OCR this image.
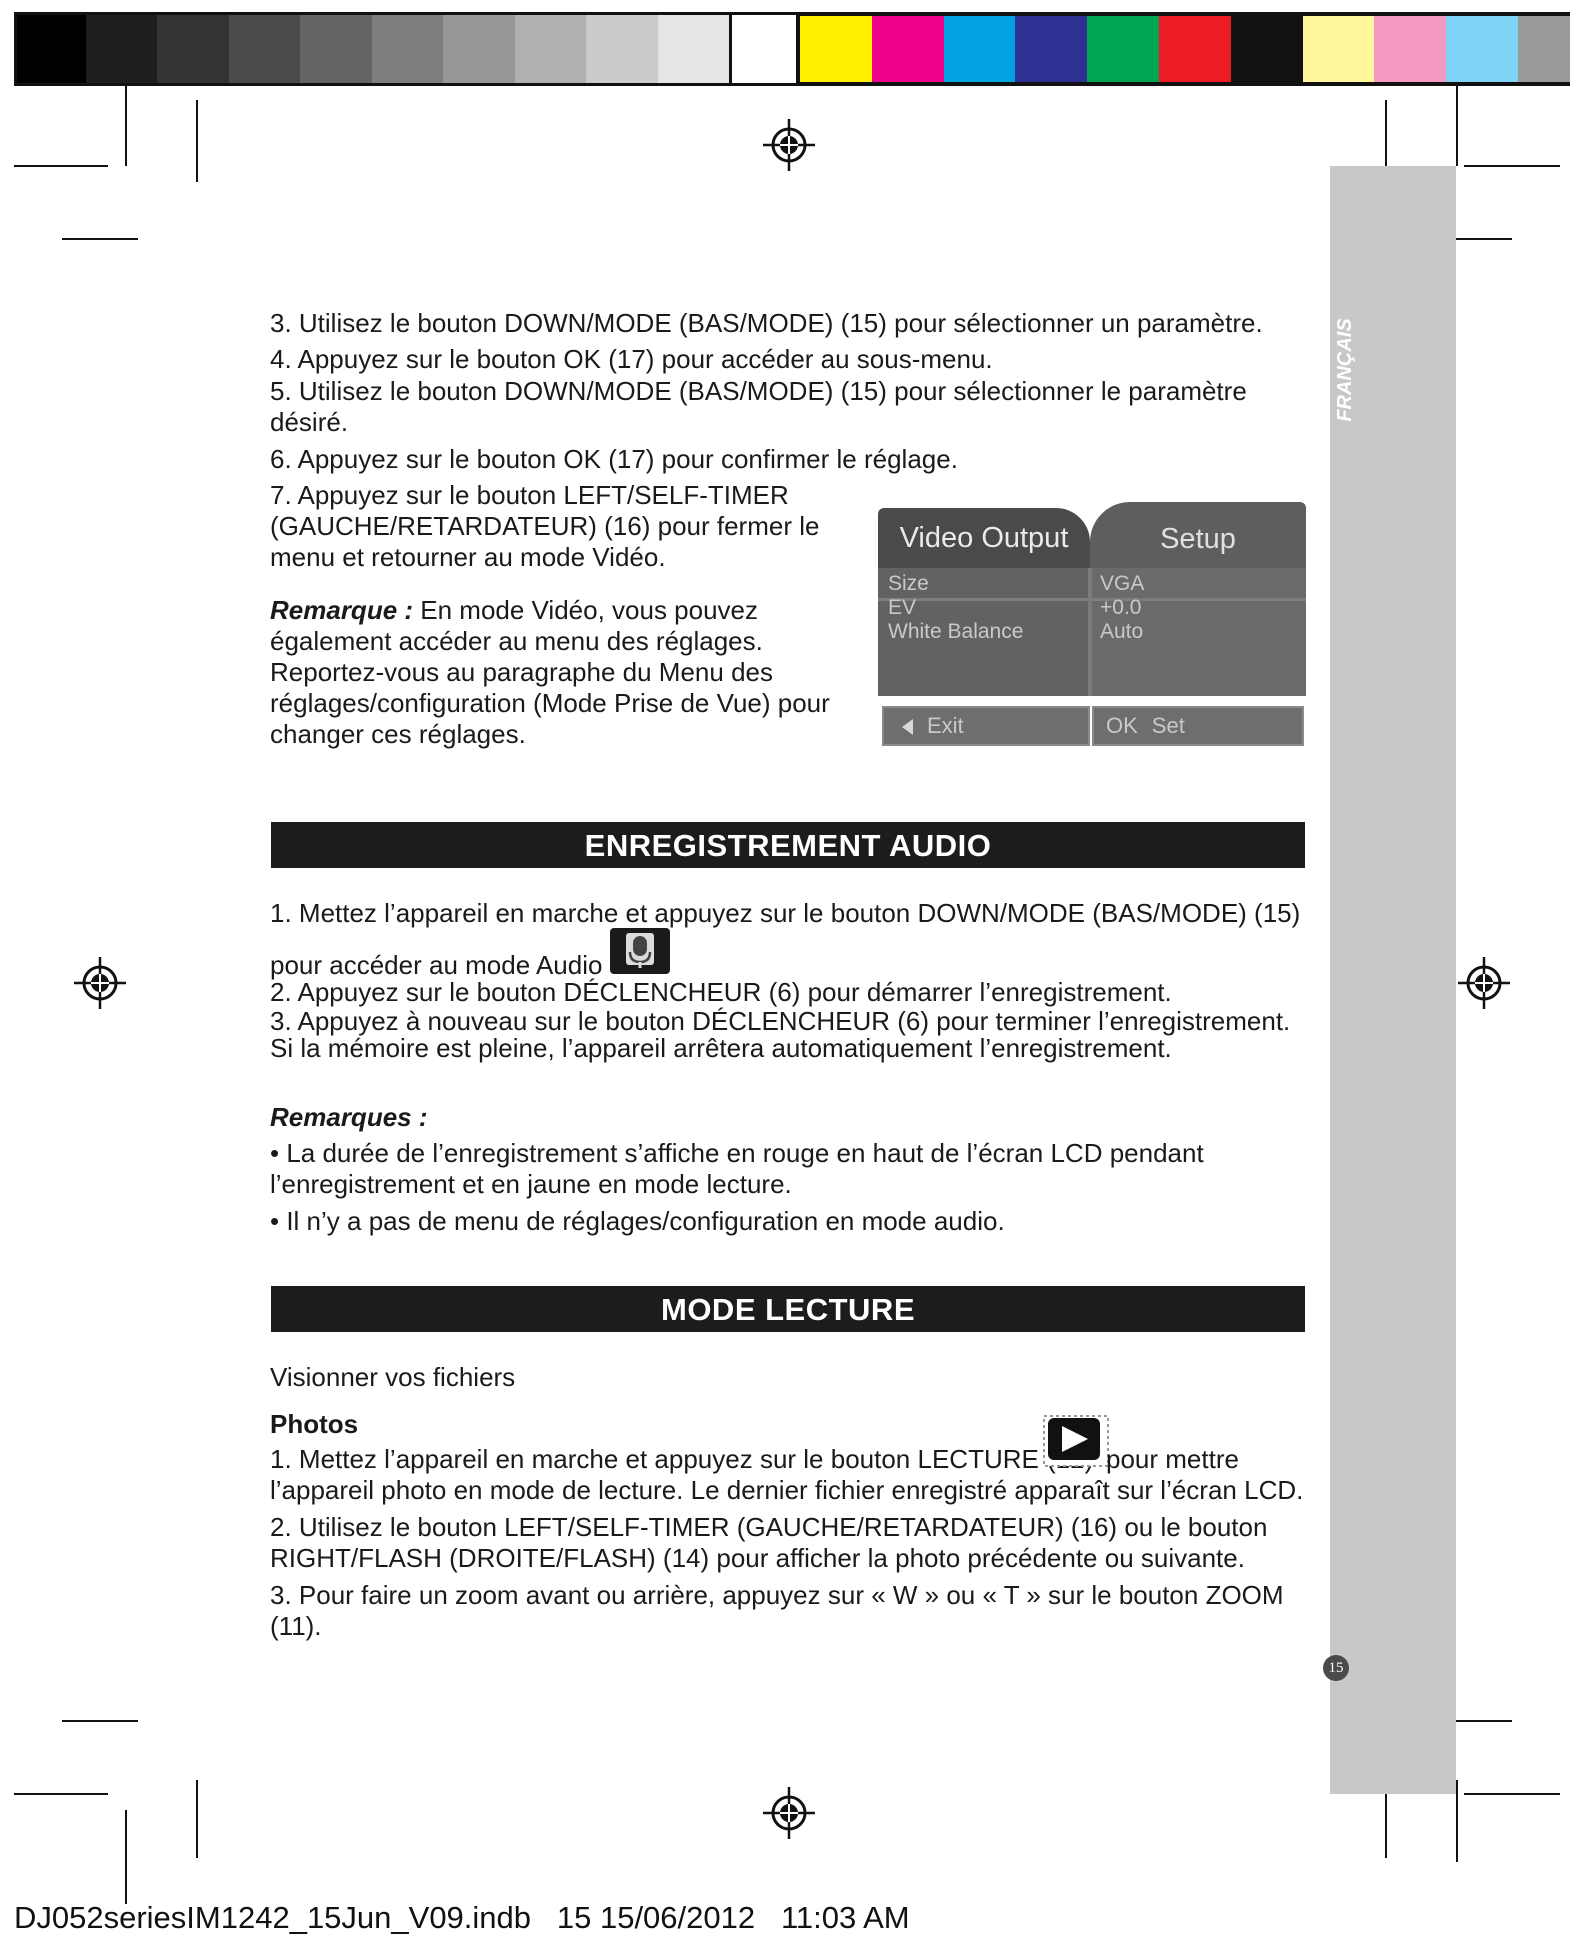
FRANÇAIS

3. Utilisez le bouton DOWN/MODE (BAS/MODE) (15) pour sélectionner un paramètre.

4. Appuyez sur le bouton OK (17) pour accéder au sous-menu.

5. Utilisez le bouton DOWN/MODE (BAS/MODE) (15) pour sélectionner le paramètre désiré.

6. Appuyez sur le bouton OK (17) pour confirmer le réglage.

7. Appuyez sur le bouton LEFT/SELF-TIMER (GAUCHE/RETARDATEUR) (16) pour fermer le menu et retourner au mode Vidéo.

Remarque : En mode Vidéo, vous pouvez également accéder au menu des réglages. Reportez-vous au paragraphe du Menu des réglages/configuration (Mode Prise de Vue) pour changer ces réglages.

Video Output	Setup
Size	VGA
EV	+0.0
White Balance	Auto
Exit	OK Set
ENREGISTREMENT AUDIO

1. Mettez l’appareil en marche et appuyez sur le bouton DOWN/MODE (BAS/MODE) (15)

pour accéder au mode Audio

2. Appuyez sur le bouton DÉCLENCHEUR (6) pour démarrer l’enregistrement.

3. Appuyez à nouveau sur le bouton DÉCLENCHEUR (6) pour terminer l’enregistrement.

Si la mémoire est pleine, l’appareil arrêtera automatiquement l’enregistrement.

Remarques :

• La durée de l’enregistrement s’affiche en rouge en haut de l’écran LCD pendant l’enregistrement et en jaune en mode lecture.

• Il n’y a pas de menu de réglages/configuration en mode audio.

MODE LECTURE

Visionner vos fichiers

Photos

1. Mettez l’appareil en marche et appuyez sur le bouton LECTURE	pour mettre

l’appareil photo en mode de lecture. Le dernier fichier enregistré apparaît sur l’écran LCD.

2. Utilisez le bouton LEFT/SELF-TIMER (GAUCHE/RETARDATEUR) (16) ou le bouton RIGHT/FLASH (DROITE/FLASH) (14) pour afficher la photo précédente ou suivante.

3. Pour faire un zoom avant ou arrière, appuyez sur « W » ou « T » sur le bouton ZOOM (11).

15
DJ052seriesIM1242_15Jun_V09.indb   15 15/06/2012   11:03 AM
